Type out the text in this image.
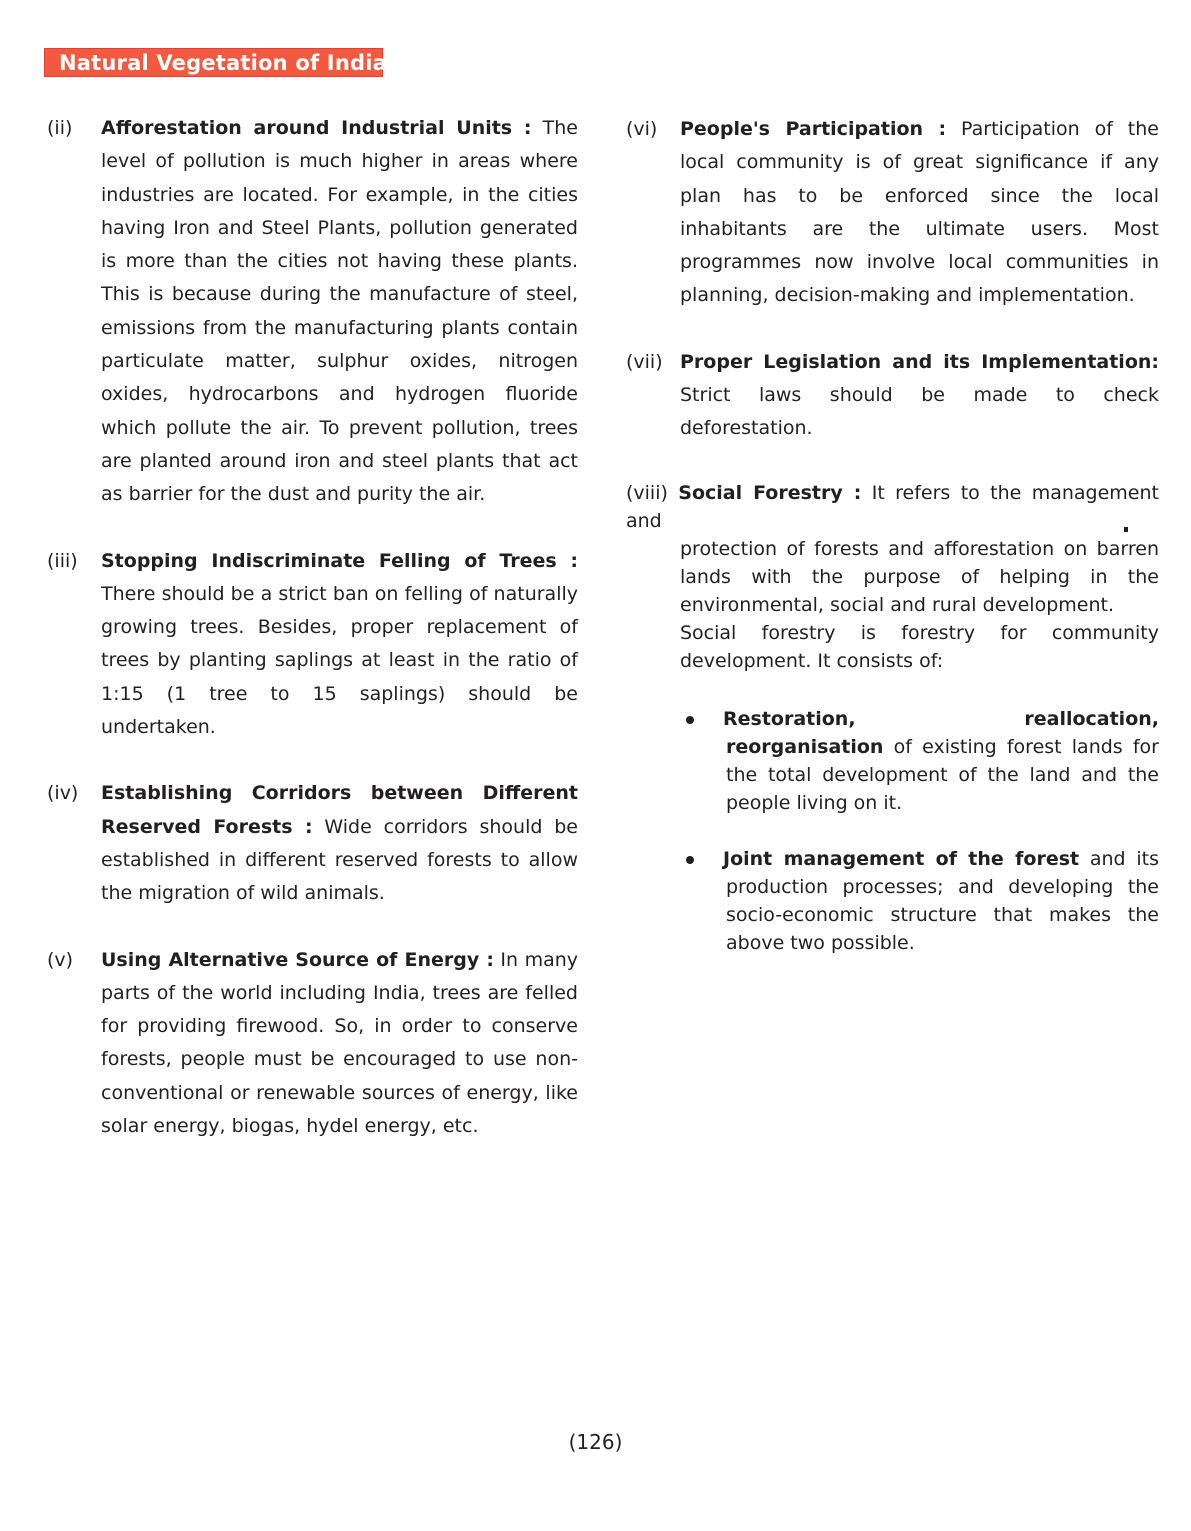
Natural Vegetation of India
(ii) Afforestation around Industrial Units : The level of pollution is much higher in areas where industries are located. For example, in the cities having Iron and Steel Plants, pollution generated is more than the cities not having these plants. This is because during the manufacture of steel, emissions from the manufacturing plants contain particulate matter, sulphur oxides, nitrogen oxides, hydrocarbons and hydrogen fluoride which pollute the air. To prevent pollution, trees are planted around iron and steel plants that act as barrier for the dust and purity the air.
(iii) Stopping Indiscriminate Felling of Trees : There should be a strict ban on felling of naturally growing trees. Besides, proper replacement of trees by planting saplings at least in the ratio of 1:15 (1 tree to 15 saplings) should be undertaken.
(iv) Establishing Corridors between Different Reserved Forests : Wide corridors should be established in different reserved forests to allow the migration of wild animals.
(v) Using Alternative Source of Energy : In many parts of the world including India, trees are felled for providing firewood. So, in order to conserve forests, people must be encouraged to use non-conventional or renewable sources of energy, like solar energy, biogas, hydel energy, etc.
(vi) People's Participation : Participation of the local community is of great significance if any plan has to be enforced since the local inhabitants are the ultimate users. Most programmes now involve local communities in planning, decision-making and implementation.
(vii) Proper Legislation and its Implementation: Strict laws should be made to check deforestation.
(viii) Social Forestry : It refers to the management and
protection of forests and afforestation on barren lands with the purpose of helping in the environmental, social and rural development.
Social forestry is forestry for community development. It consists of:
Restoration, reallocation, reorganisation of existing forest lands for the total development of the land and the people living on it.
Joint management of the forest and its production processes; and developing the socio-economic structure that makes the above two possible.
(126)
